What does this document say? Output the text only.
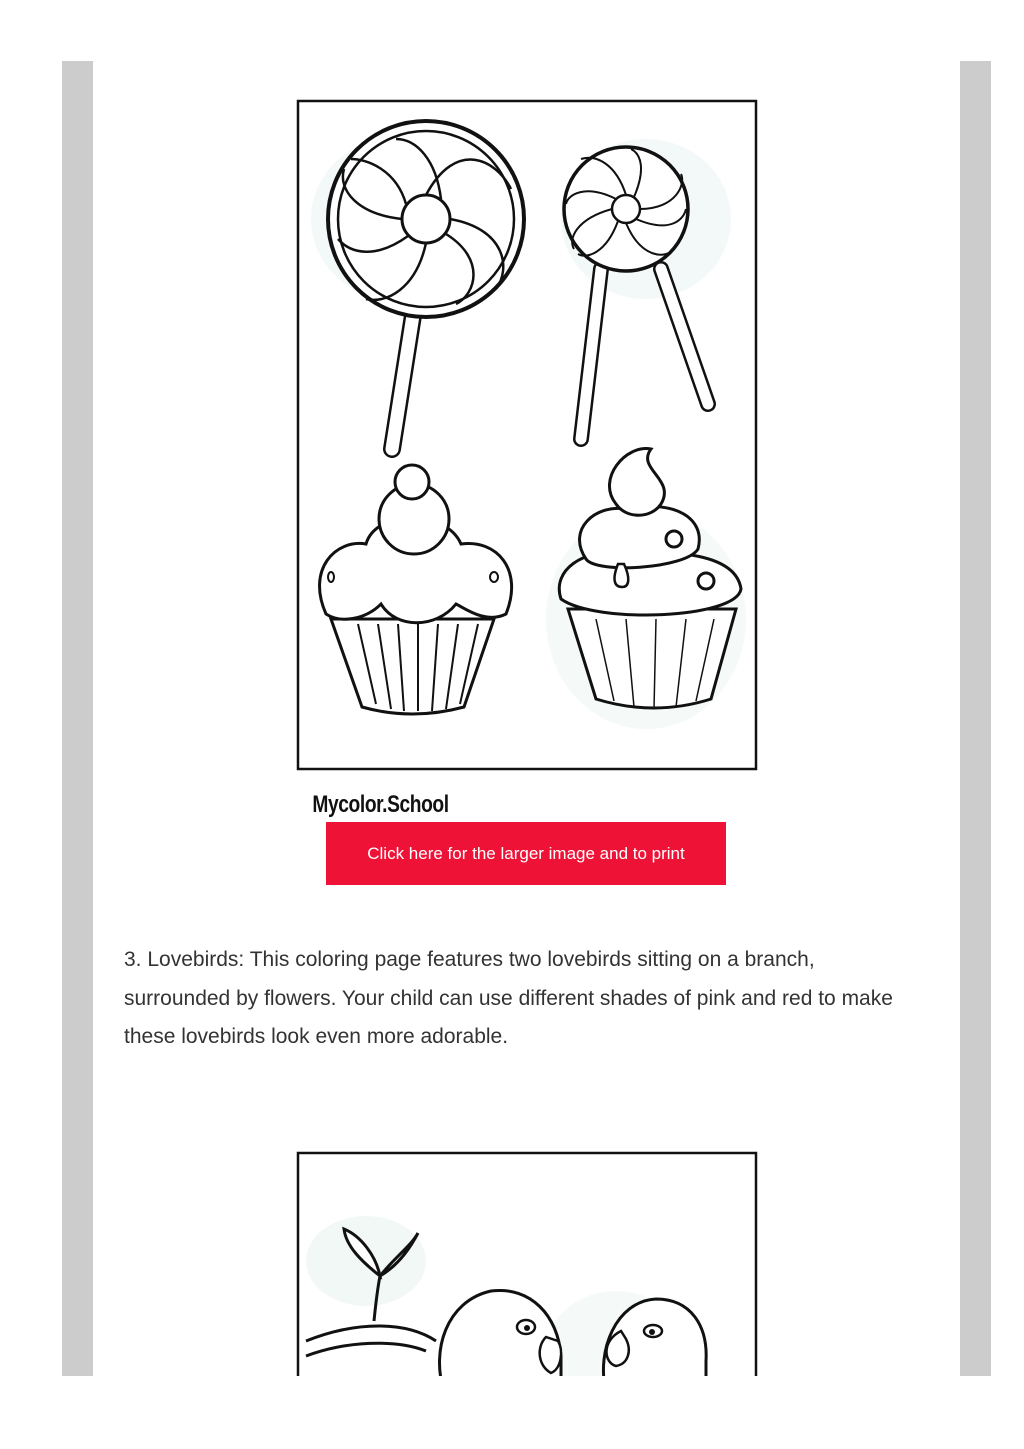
Mycolor.School
Click here for the larger image and to print

3. Lovebirds: This coloring page features two lovebirds sitting on a branch, surrounded by flowers. Your child can use different shades of pink and red to make these lovebirds look even more adorable.
